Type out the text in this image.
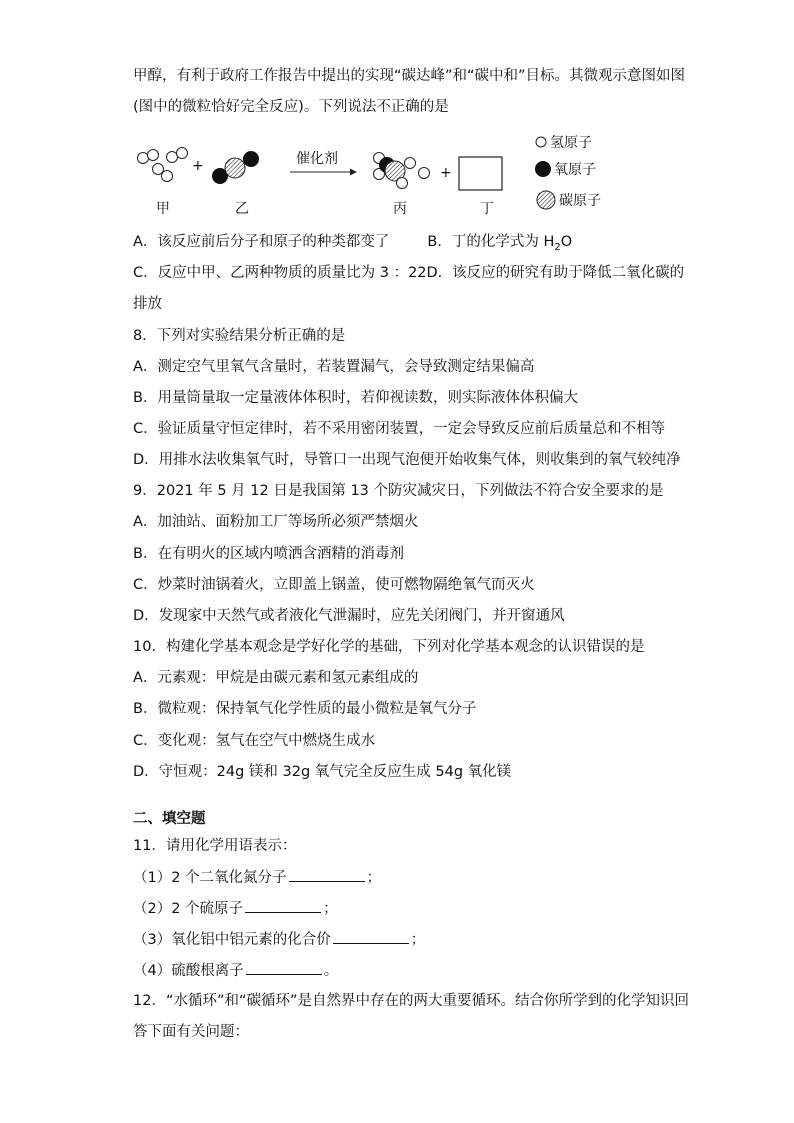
甲醇，有利于政府工作报告中提出的实现“碳达峰”和“碳中和”目标。其微观示意图如图
(图中的微粒恰好完全反应)。下列说法不正确的是
+	催化剂
+
甲	乙	丙	丁
氢原子
氧原子
碳原子
A．该反应前后分子和原子的种类都变了	B．丁的化学式为 $H_2O$
C．反应中甲、乙两种物质的质量比为 3 ：22D．该反应的研究有助于降低二氧化碳的
排放
8．下列对实验结果分析正确的是
A．测定空气里氧气含量时，若装置漏气，会导致测定结果偏高
B．用量筒量取一定量液体体积时，若仰视读数，则实际液体体积偏大
C．验证质量守恒定律时，若不采用密闭装置，一定会导致反应前后质量总和不相等
D．用排水法收集氧气时，导管口一出现气泡便开始收集气体，则收集到的氧气较纯净
9．2021 年 5 月 12 日是我国第 13 个防灾减灾日，下列做法不符合安全要求的是
A．加油站、面粉加工厂等场所必须严禁烟火
B．在有明火的区域内喷洒含酒精的消毒剂
C．炒菜时油锅着火，立即盖上锅盖，使可燃物隔绝氧气而灭火
D．发现家中天然气或者液化气泄漏时，应先关闭阀门，并开窗通风
10．构建化学基本观念是学好化学的基础，下列对化学基本观念的认识错误的是
A．元素观：甲烷是由碳元素和氢元素组成的
B．微粒观：保持氧气化学性质的最小微粒是氧气分子
C．变化观：氢气在空气中燃烧生成水
D．守恒观：24g 镁和 32g 氧气完全反应生成 54g 氧化镁
二、填空题
11．请用化学用语表示：
（1）2 个二氧化氮分子	；
（2）2 个硫原子	；
（3）氧化铝中铝元素的化合价	；
（4）硫酸根离子	。
12．“水循环”和“碳循环”是自然界中存在的两大重要循环。结合你所学到的化学知识回
答下面有关问题：
